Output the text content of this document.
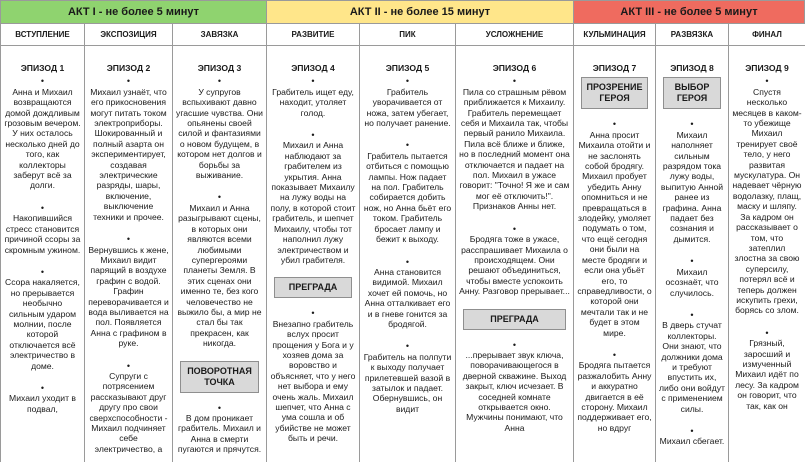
АКТ I - не более 5 минут	АКТ II - не более 15 минут	АКТ III - не более 5 минут
ВСТУПЛЕНИЕ
ЭПИЗОД 1
•
Анна и Михаил возвращаются домой дождливым грозовым вечером. У них осталось несколько дней до того, как коллекторы заберут всё за долги.
•
Накопившийся стресс становится причиной ссоры за скромным ужином.
•
Ссора накаляется, но прерывается необычно сильным ударом молнии, после которой отключается всё электричество в доме.
•
Михаил уходит в подвал,
ЭКСПОЗИЦИЯ
ЭПИЗОД 2
•
Михаил узнаёт, что его прикосновения могут питать током электроприборы. Шокированный и полный азарта он экспериментирует, создавая электрические разряды, шары, включение, выключение техники и прочее.
•
Вернувшись к жене, Михаил видит парящий в воздухе графин с водой. Графин переворачивается и вода выливается на пол. Появляется Анна с графином в руке.
•
Супруги с потрясением рассказывают друг другу про свои сверхспособности - Михаил подчиняет себе электричество, а
ЗАВЯЗКА
ЭПИЗОД 3
•
У супругов вспыхивают давно угасшие чувства. Они опьянены своей силой и фантазиями о новом будущем, в котором нет долгов и борьбы за выживание.
•
Михаил и Анна разыгрывают сцены, в которых они являются всеми любимыми супергероями планеты Земля. В этих сценах они именно те, без кого человечество не выжило бы, а мир не стал бы так прекрасен, как никогда.
ПОВОРОТНАЯ ТОЧКА
•
В дом проникает грабитель. Михаил и Анна в смерти пугаются и прячутся.
РАЗВИТИЕ
ЭПИЗОД 4
•
Грабитель ищет еду, находит, утоляет голод.
•
Михаил и Анна наблюдают за грабителем из укрытия. Анна показывает Михаилу на лужу воды на полу, в которой стоит грабитель, и шепчет Михаилу, чтобы тот наполнил лужу электричеством и убил грабителя.
ПРЕГРАДА
•
Внезапно грабитель вслух просит прощения у Бога и у хозяев дома за воровство и объясняет, что у него нет выбора и ему очень жаль. Михаил шепчет, что Анна с ума сошла и об убийстве не может быть и речи.
ПИК
ЭПИЗОД 5
•
Грабитель уворачивается от ножа, затем убегает, но получает ранение.
•
Грабитель пытается отбиться с помощью лампы. Нож падает на пол. Грабитель собирается добить нож, но Анна бьёт его током. Грабитель бросает лампу и бежит к выходу.
•
Анна становится видимой. Михаил хочет ей помочь, но Анна отталкивает его и в гневе гонится за бродягой.
•
Грабитель на полпути к выходу получает прилетевшей вазой в затылок и падает. Обернувшись, он видит
УСЛОЖНЕНИЕ
ЭПИЗОД 6
•
Пила со страшным рёвом приближается к Михаилу. Грабитель перемещает себя и Михаила так, чтобы первый ранило Михаила. Пила всё ближе и ближе, но в последний момент она отключается и падает на пол. Михаил в ужасе говорит: "Точно! Я же и сам мог её отключить!". Признаков Анны нет.
•
Бродяга тоже в ужасе, расспрашивает Михаила о происходящем. Они решают объединиться, чтобы вместе успокоить Анну. Разговор прерывает...
ПРЕГРАДА
•
...прерывает звук ключа, поворачивающегося в дверной скважине. Выход закрыт, ключ исчезает. В соседней комнате открывается окно. Мужчины понимают, что Анна
КУЛЬМИНАЦИЯ
ЭПИЗОД 7
ПРОЗРЕНИЕ ГЕРОЯ
•
Анна просит Михаила отойти и не заслонять собой бродягу. Михаил пробует убедить Анну опомниться и не превращаться в злодейку, умоляет подумать о том, что ещё сегодня они были на месте бродяги и если она убьёт его, то справедливости, о которой они мечтали так и не будет в этом мире.
•
Бродяга пытается разжалобить Анну и аккуратно двигается в её сторону. Михаил поддерживает его, но вдруг
РАЗВЯЗКА
ЭПИЗОД 8
ВЫБОР ГЕРОЯ
•
Михаил наполняет сильным разрядом тока лужу воды, выпитую Анной ранее из графина. Анна падает без сознания и дымится.
•
Михаил осознаёт, что случилось.
•
В дверь стучат коллекторы. Они знают, что должники дома и требуют впустить их, либо они войдут с применением силы.
•
Михаил сбегает.
ФИНАЛ
ЭПИЗОД 9
•
Спустя несколько месяцев в каком-то убежище Михаил тренирует своё тело, у него развитая мускулатура. Он надевает чёрную водолазку, плащ, маску и шляпу. За кадром он рассказывает о том, что затеплил злостна за свою суперсилу, потерял всё и теперь должен искупить грехи, борясь со злом.
•
Грязный, заросший и измученный Михаил идёт по лесу. За кадром он говорит, что так, как он
